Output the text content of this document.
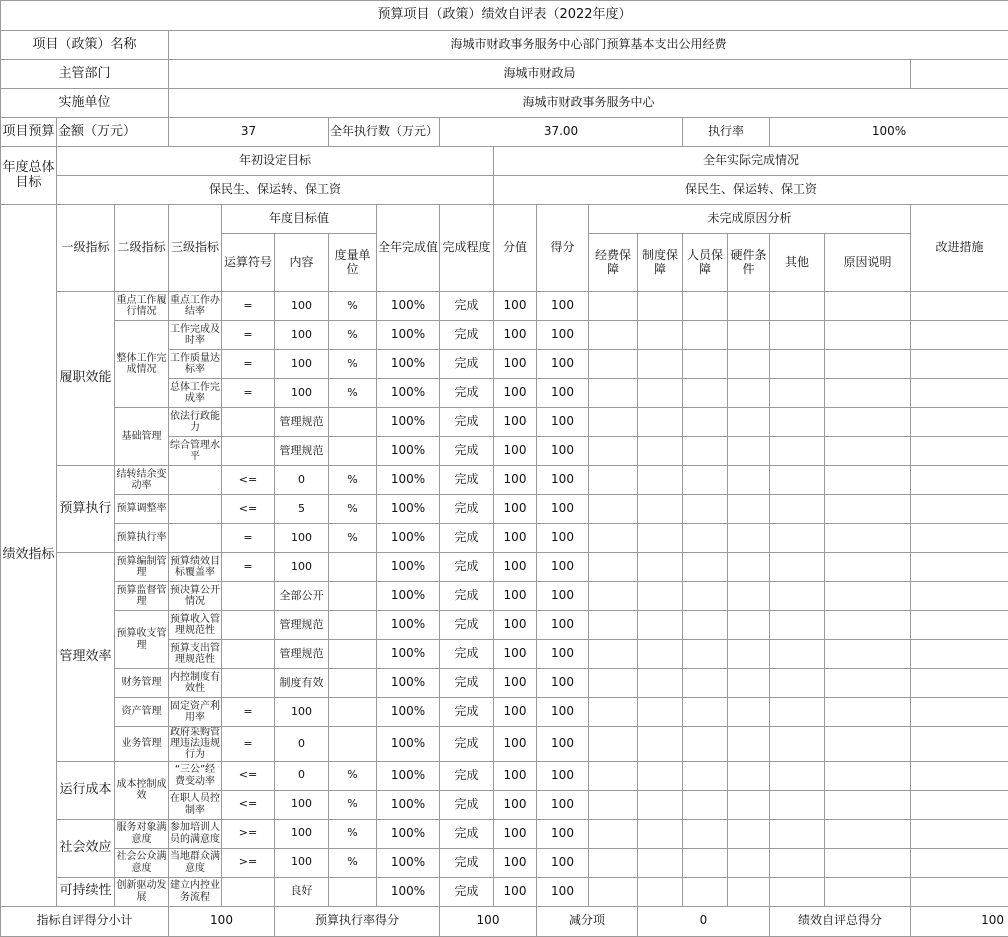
预算项目（政策）绩效自评表（2022年度）																	
项目（政策）名称			海城市财政事务服务中心部门预算基本支出公用经费														
主管部门			海城市财政局														
实施单位			海城市财政事务服务中心														
项目预算	金额（万元）		37			全年执行数（万元）		37.00					执行率		100%		
年度总体目标	年初设定目标								全年实际完成情况								
	保民生、保运转、保工资								保民生、保运转、保工资								
绩效指标	一级指标	二级指标	三级指标	年度目标值			全年完成值	完成程度	分值	得分	未完成原因分析						改进措施
				运算符号	内容	度量单位					经费保障	制度保障	人员保障	硬件条件	其他	原因说明	

	履职效能	重点工作履行情况	重点工作办结率	=	100	%	100%	完成	100	100							
		整体工作完成情况	工作完成及时率	=	100	%	100%	完成	100	100							
			工作质量达标率	=	100	%	100%	完成	100	100							
			总体工作完成率	=	100	%	100%	完成	100	100							
		基础管理	依法行政能力		管理规范		100%	完成	100	100							
			综合管理水平		管理规范		100%	完成	100	100							
	预算执行	结转结余变动率		<=	0	%	100%	完成	100	100							
		预算调整率		<=	5	%	100%	完成	100	100							
		预算执行率		=	100	%	100%	完成	100	100							
	管理效率	预算编制管理	预算绩效目标覆盖率	=	100		100%	完成	100	100							
		预算监督管理	预决算公开情况		全部公开		100%	完成	100	100							
		预算收支管理	预算收入管理规范性		管理规范		100%	完成	100	100							
			预算支出管理规范性		管理规范		100%	完成	100	100							
		财务管理	内控制度有效性		制度有效		100%	完成	100	100							
		资产管理	固定资产利用率	=	100		100%	完成	100	100							
		业务管理	政府采购管理违法违规行为	=	0		100%	完成	100	100							
	运行成本	成本控制成效	“三公”经费变动率	<=	0	%	100%	完成	100	100							
			在职人员控制率	<=	100	%	100%	完成	100	100							
	社会效应	服务对象满意度	参加培训人员的满意度	>=	100	%	100%	完成	100	100							
		社会公众满意度	当地群众满意度	>=	100	%	100%	完成	100	100							
	可持续性	创新驱动发展	建立内控业务流程		良好		100%	完成	100	100							
指标自评得分小计			100		预算执行率得分			100		减分项		0			绩效自评总得分		100
